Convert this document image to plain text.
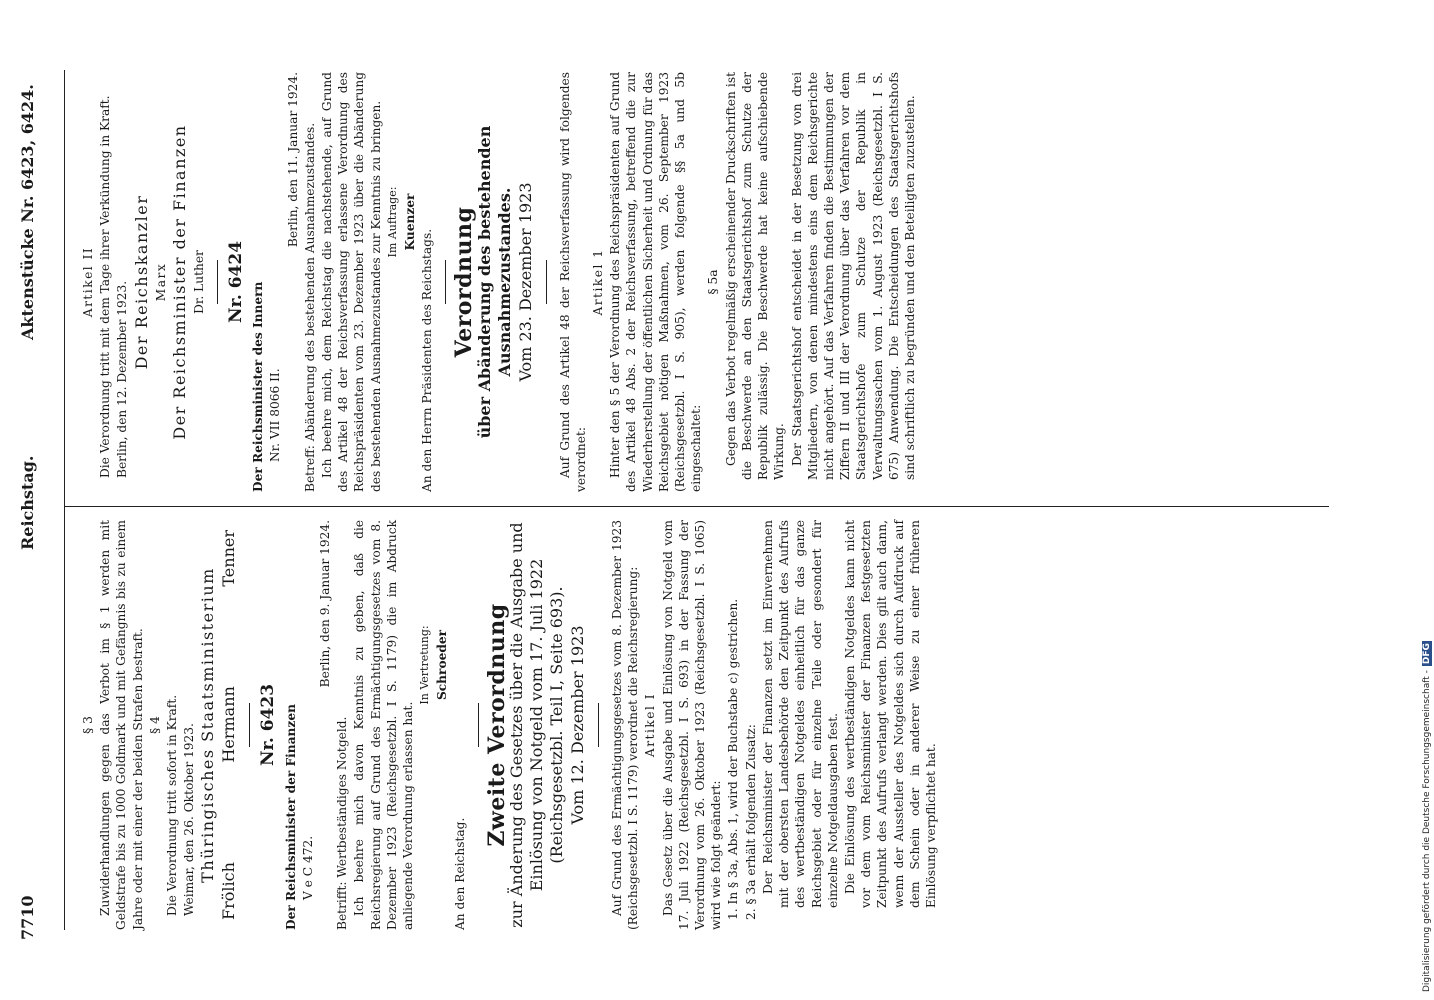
7710
Reichstag.
Aktenstücke Nr. 6423, 6424.

§ 3 Zuwiderhandlungen gegen das Verbot im § 1 werden mit Geldstrafe bis zu 1000 Goldmark und mit Gefängnis bis zu einem Jahre oder mit einer der beiden Strafen bestraft. § 4 Die Verordnung tritt sofort in Kraft. Weimar, den 26. Oktober 1923. Thüringisches Staatsministerium

Frölich
Hermann
Tenner

Nr. 6423 Der Reichsminister der Finanzen V e C 472.

Berlin, den 9. Januar 1924.

Betrifft: Wertbeständiges Notgeld. Ich beehre mich davon Kenntnis zu geben, daß die Reichsregierung auf Grund des Ermächtigungsgesetzes vom 8. Dezember 1923 (Reichsgesetzbl. I S. 1179) die im Abdruck anliegende Verordnung erlassen hat.

In Vertretung: Schroeder

An den Reichstag.

Zweite Verordnung

zur Änderung des Gesetzes über die Ausgabe und Einlösung von Notgeld vom 17. Juli 1922 (Reichsgesetzbl. Teil I, Seite 693). Vom 12. Dezember 1923 Auf Grund des Ermächtigungsgesetzes vom 8. Dezember 1923 (Reichsgesetzbl. I S. 1179) verordnet die Reichsregierung: Artikel I Das Gesetz über die Ausgabe und Einlösung von Notgeld vom 17. Juli 1922 (Reichsgesetzbl. I S. 693) in der Fassung der Verordnung vom 26. Oktober 1923 (Reichsgesetzbl. I S. 1065) wird wie folgt geändert: 1. In § 3a, Abs. 1, wird der Buchstabe c) gestrichen. 2. § 3a erhält folgenden Zusatz: Der Reichsminister der Finanzen setzt im Einvernehmen mit der obersten Landesbehörde den Zeitpunkt des Aufrufs des wertbeständigen Notgeldes einheitlich für das ganze Reichsgebiet oder für einzelne Teile oder gesondert für einzelne Notgeldausgaben fest. Die Einlösung des wertbeständigen Notgeldes kann nicht vor dem vom Reichsminister der Finanzen festgesetzten Zeitpunkt des Aufrufs verlangt werden. Dies gilt auch dann, wenn der Aussteller des Notgeldes sich durch Aufdruck auf dem Schein oder in anderer Weise zu einer früheren Einlösung verpflichtet hat.

Artikel II Die Verordnung tritt mit dem Tage ihrer Verkündung in Kraft. Berlin, den 12. Dezember 1923. Der Reichskanzler Marx Der Reichsminister der Finanzen Dr. Luther Nr. 6424 Der Reichsminister des Innern Nr. VII 8066 II.

Berlin, den 11. Januar 1924. Betreff: Abänderung des bestehenden Ausnahmezustandes. Ich beehre mich, dem Reichstag die nachstehende, auf Grund des Artikel 48 der Reichsverfassung erlassene Verordnung des Reichspräsidenten vom 23. Dezember 1923 über die Abänderung des bestehenden Ausnahmezustandes zur Kenntnis zu bringen. Im Auftrage: Kuenzer

An den Herrn Präsidenten des Reichstags. Verordnung

über Abänderung des bestehenden Ausnahmezustandes. Vom 23. Dezember 1923 Auf Grund des Artikel 48 der Reichsverfassung wird folgendes verordnet:

Artikel 1 Hinter den § 5 der Verordnung des Reichspräsidenten auf Grund des Artikel 48 Abs. 2 der Reichsverfassung, betreffend die zur Wiederherstellung der öffentlichen Sicherheit und Ordnung für das Reichsgebiet nötigen Maßnahmen, vom 26. September 1923 (Reichsgesetzbl. I S. 905), werden folgende §§ 5a und 5b eingeschaltet:

§ 5a Gegen das Verbot regelmäßig erscheinender Druckschriften ist die Beschwerde an den Staatsgerichtshof zum Schutze der Republik zulässig. Die Beschwerde hat keine aufschiebende Wirkung. Der Staatsgerichtshof entscheidet in der Besetzung von drei Mitgliedern, von denen mindestens eins dem Reichsgerichte nicht angehört. Auf das Verfahren finden die Bestimmungen der Ziffern II und III der Verordnung über das Verfahren vor dem Staatsgerichtshofe zum Schutze der Republik in Verwaltungssachen vom 1. August 1923 (Reichsgesetzbl. I S. 675) Anwendung. Die Entscheidungen des Staatsgerichtshofs sind schriftlich zu begründen und den Beteiligten zuzustellen.

Digitalisierung gefördert durch die Deutsche Forschungsgemeinschaft -DFG
